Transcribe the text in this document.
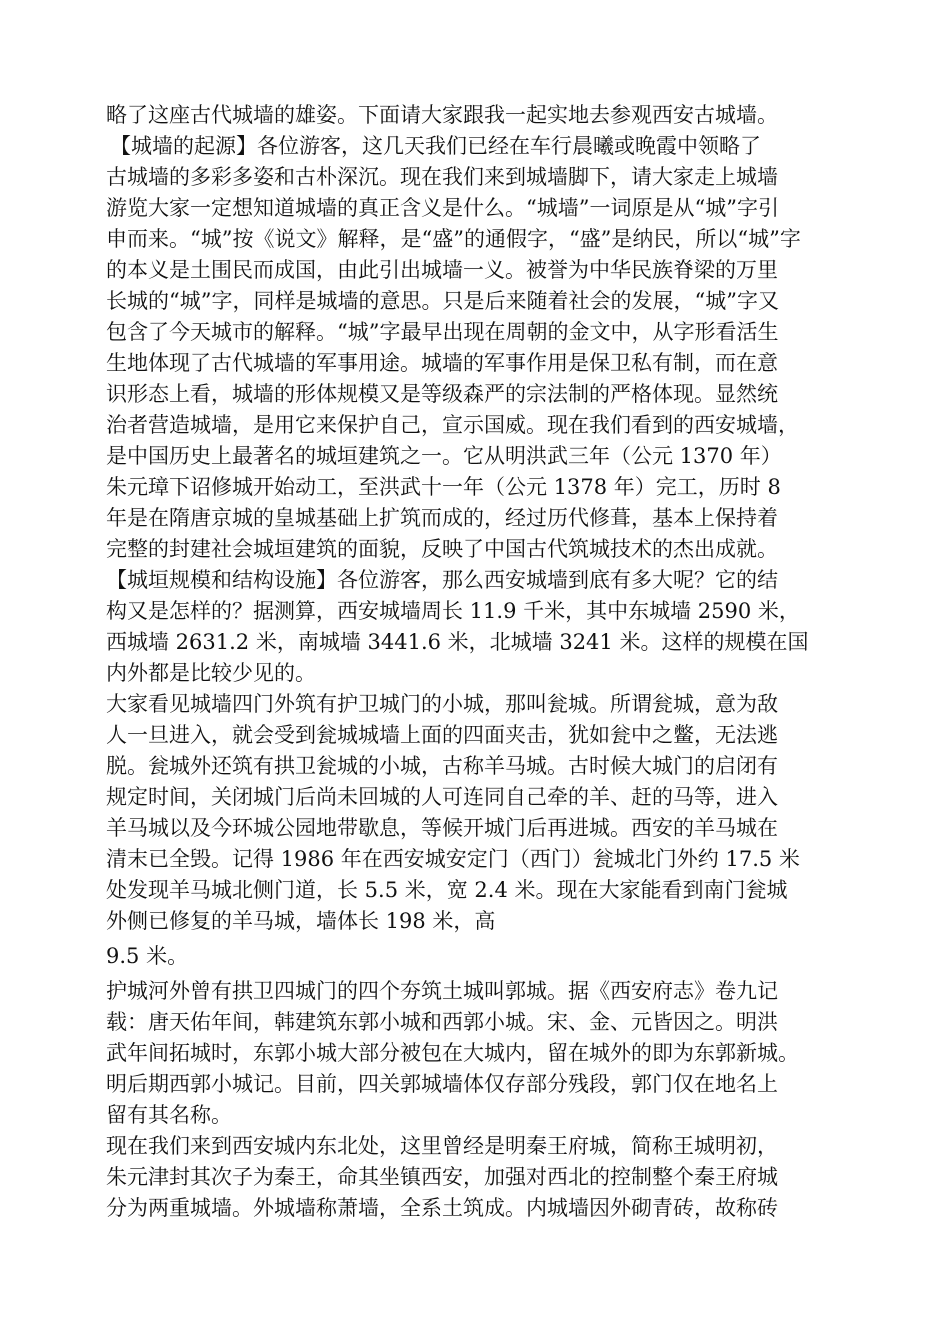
略了这座古代城墙的雄姿。下面请大家跟我一起实地去参观西安古城墙。

【城墙的起源】各位游客，这几天我们已经在车行晨曦或晚霞中领略了

古城墙的多彩多姿和古朴深沉。现在我们来到城墙脚下，请大家走上城墙

游览大家一定想知道城墙的真正含义是什么。“城墙”一词原是从“城”字引

申而来。“城”按《说文》解释，是“盛”的通假字，“盛”是纳民，所以“城”字

的本义是土围民而成国，由此引出城墙一义。被誉为中华民族脊梁的万里

长城的“城”字，同样是城墙的意思。只是后来随着社会的发展，“城”字又

包含了今天城市的解释。“城”字最早出现在周朝的金文中，从字形看活生

生地体现了古代城墙的军事用途。城墙的军事作用是保卫私有制，而在意

识形态上看，城墙的形体规模又是等级森严的宗法制的严格体现。显然统

治者营造城墙，是用它来保护自己，宣示国威。现在我们看到的西安城墙，

是中国历史上最著名的城垣建筑之一。它从明洪武三年（公元 1370 年）

朱元璋下诏修城开始动工，至洪武十一年（公元 1378 年）完工，历时 8

年是在隋唐京城的皇城基础上扩筑而成的，经过历代修葺，基本上保持着

完整的封建社会城垣建筑的面貌，反映了中国古代筑城技术的杰出成就。

【城垣规模和结构设施】各位游客，那么西安城墙到底有多大呢？它的结

构又是怎样的？据测算，西安城墙周长 11.9 千米，其中东城墙 2590 米，

西城墙 2631.2 米，南城墙 3441.6 米，北城墙 3241 米。这样的规模在国

内外都是比较少见的。

大家看见城墙四门外筑有护卫城门的小城，那叫瓮城。所谓瓮城，意为敌

人一旦进入，就会受到瓮城城墙上面的四面夹击，犹如瓮中之鳖，无法逃

脱。瓮城外还筑有拱卫瓮城的小城，古称羊马城。古时候大城门的启闭有

规定时间，关闭城门后尚未回城的人可连同自己牵的羊、赶的马等，进入

羊马城以及今环城公园地带歇息，等候开城门后再进城。西安的羊马城在

清末已全毁。记得 1986 年在西安城安定门（西门）瓮城北门外约 17.5 米

处发现羊马城北侧门道，长 5.5 米，宽 2.4 米。现在大家能看到南门瓮城

外侧已修复的羊马城，墙体长 198 米，高

9.5 米。

护城河外曾有拱卫四城门的四个夯筑土城叫郭城。据《西安府志》卷九记

载：唐天佑年间，韩建筑东郭小城和西郭小城。宋、金、元皆因之。明洪

武年间拓城时，东郭小城大部分被包在大城内，留在城外的即为东郭新城。

明后期西郭小城记。目前，四关郭城墙体仅存部分残段，郭门仅在地名上

留有其名称。

现在我们来到西安城内东北处，这里曾经是明秦王府城，简称王城明初，

朱元津封其次子为秦王，命其坐镇西安，加强对西北的控制整个秦王府城

分为两重城墙。外城墙称萧墙，全系土筑成。内城墙因外砌青砖，故称砖
